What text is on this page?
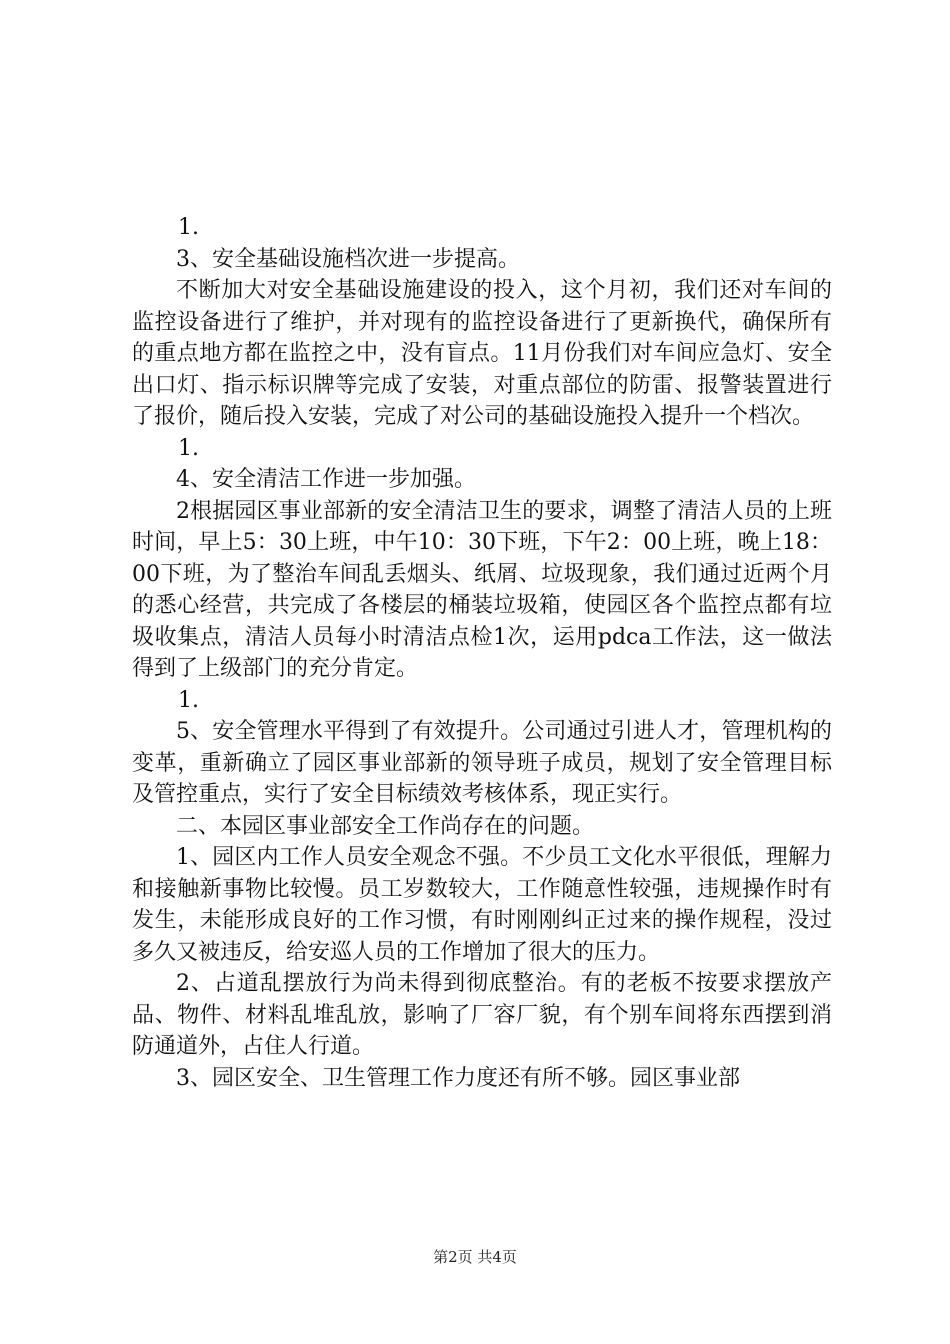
1.

3、安全基础设施档次进一步提高。

不断加大对安全基础设施建设的投入，这个月初，我们还对车间的监控设备进行了维护，并对现有的监控设备进行了更新换代，确保所有的重点地方都在监控之中，没有盲点。11月份我们对车间应急灯、安全出口灯、指示标识牌等完成了安装，对重点部位的防雷、报警装置进行了报价，随后投入安装，完成了对公司的基础设施投入提升一个档次。

1.

4、安全清洁工作进一步加强。

2根据园区事业部新的安全清洁卫生的要求，调整了清洁人员的上班时间，早上5：30上班，中午10：30下班，下午2：00上班，晚上18：00下班，为了整治车间乱丢烟头、纸屑、垃圾现象，我们通过近两个月的悉心经营，共完成了各楼层的桶装垃圾箱，使园区各个监控点都有垃圾收集点，清洁人员每小时清洁点检1次，运用pdca工作法，这一做法得到了上级部门的充分肯定。

1.

5、安全管理水平得到了有效提升。公司通过引进人才，管理机构的变革，重新确立了园区事业部新的领导班子成员，规划了安全管理目标及管控重点，实行了安全目标绩效考核体系，现正实行。

二、本园区事业部安全工作尚存在的问题。

1、园区内工作人员安全观念不强。不少员工文化水平很低，理解力和接触新事物比较慢。员工岁数较大，工作随意性较强，违规操作时有发生，未能形成良好的工作习惯，有时刚刚纠正过来的操作规程，没过多久又被违反，给安巡人员的工作增加了很大的压力。

2、占道乱摆放行为尚未得到彻底整治。有的老板不按要求摆放产品、物件、材料乱堆乱放，影响了厂容厂貌，有个别车间将东西摆到消防通道外，占住人行道。

3、园区安全、卫生管理工作力度还有所不够。园区事业部

第2页 共4页
